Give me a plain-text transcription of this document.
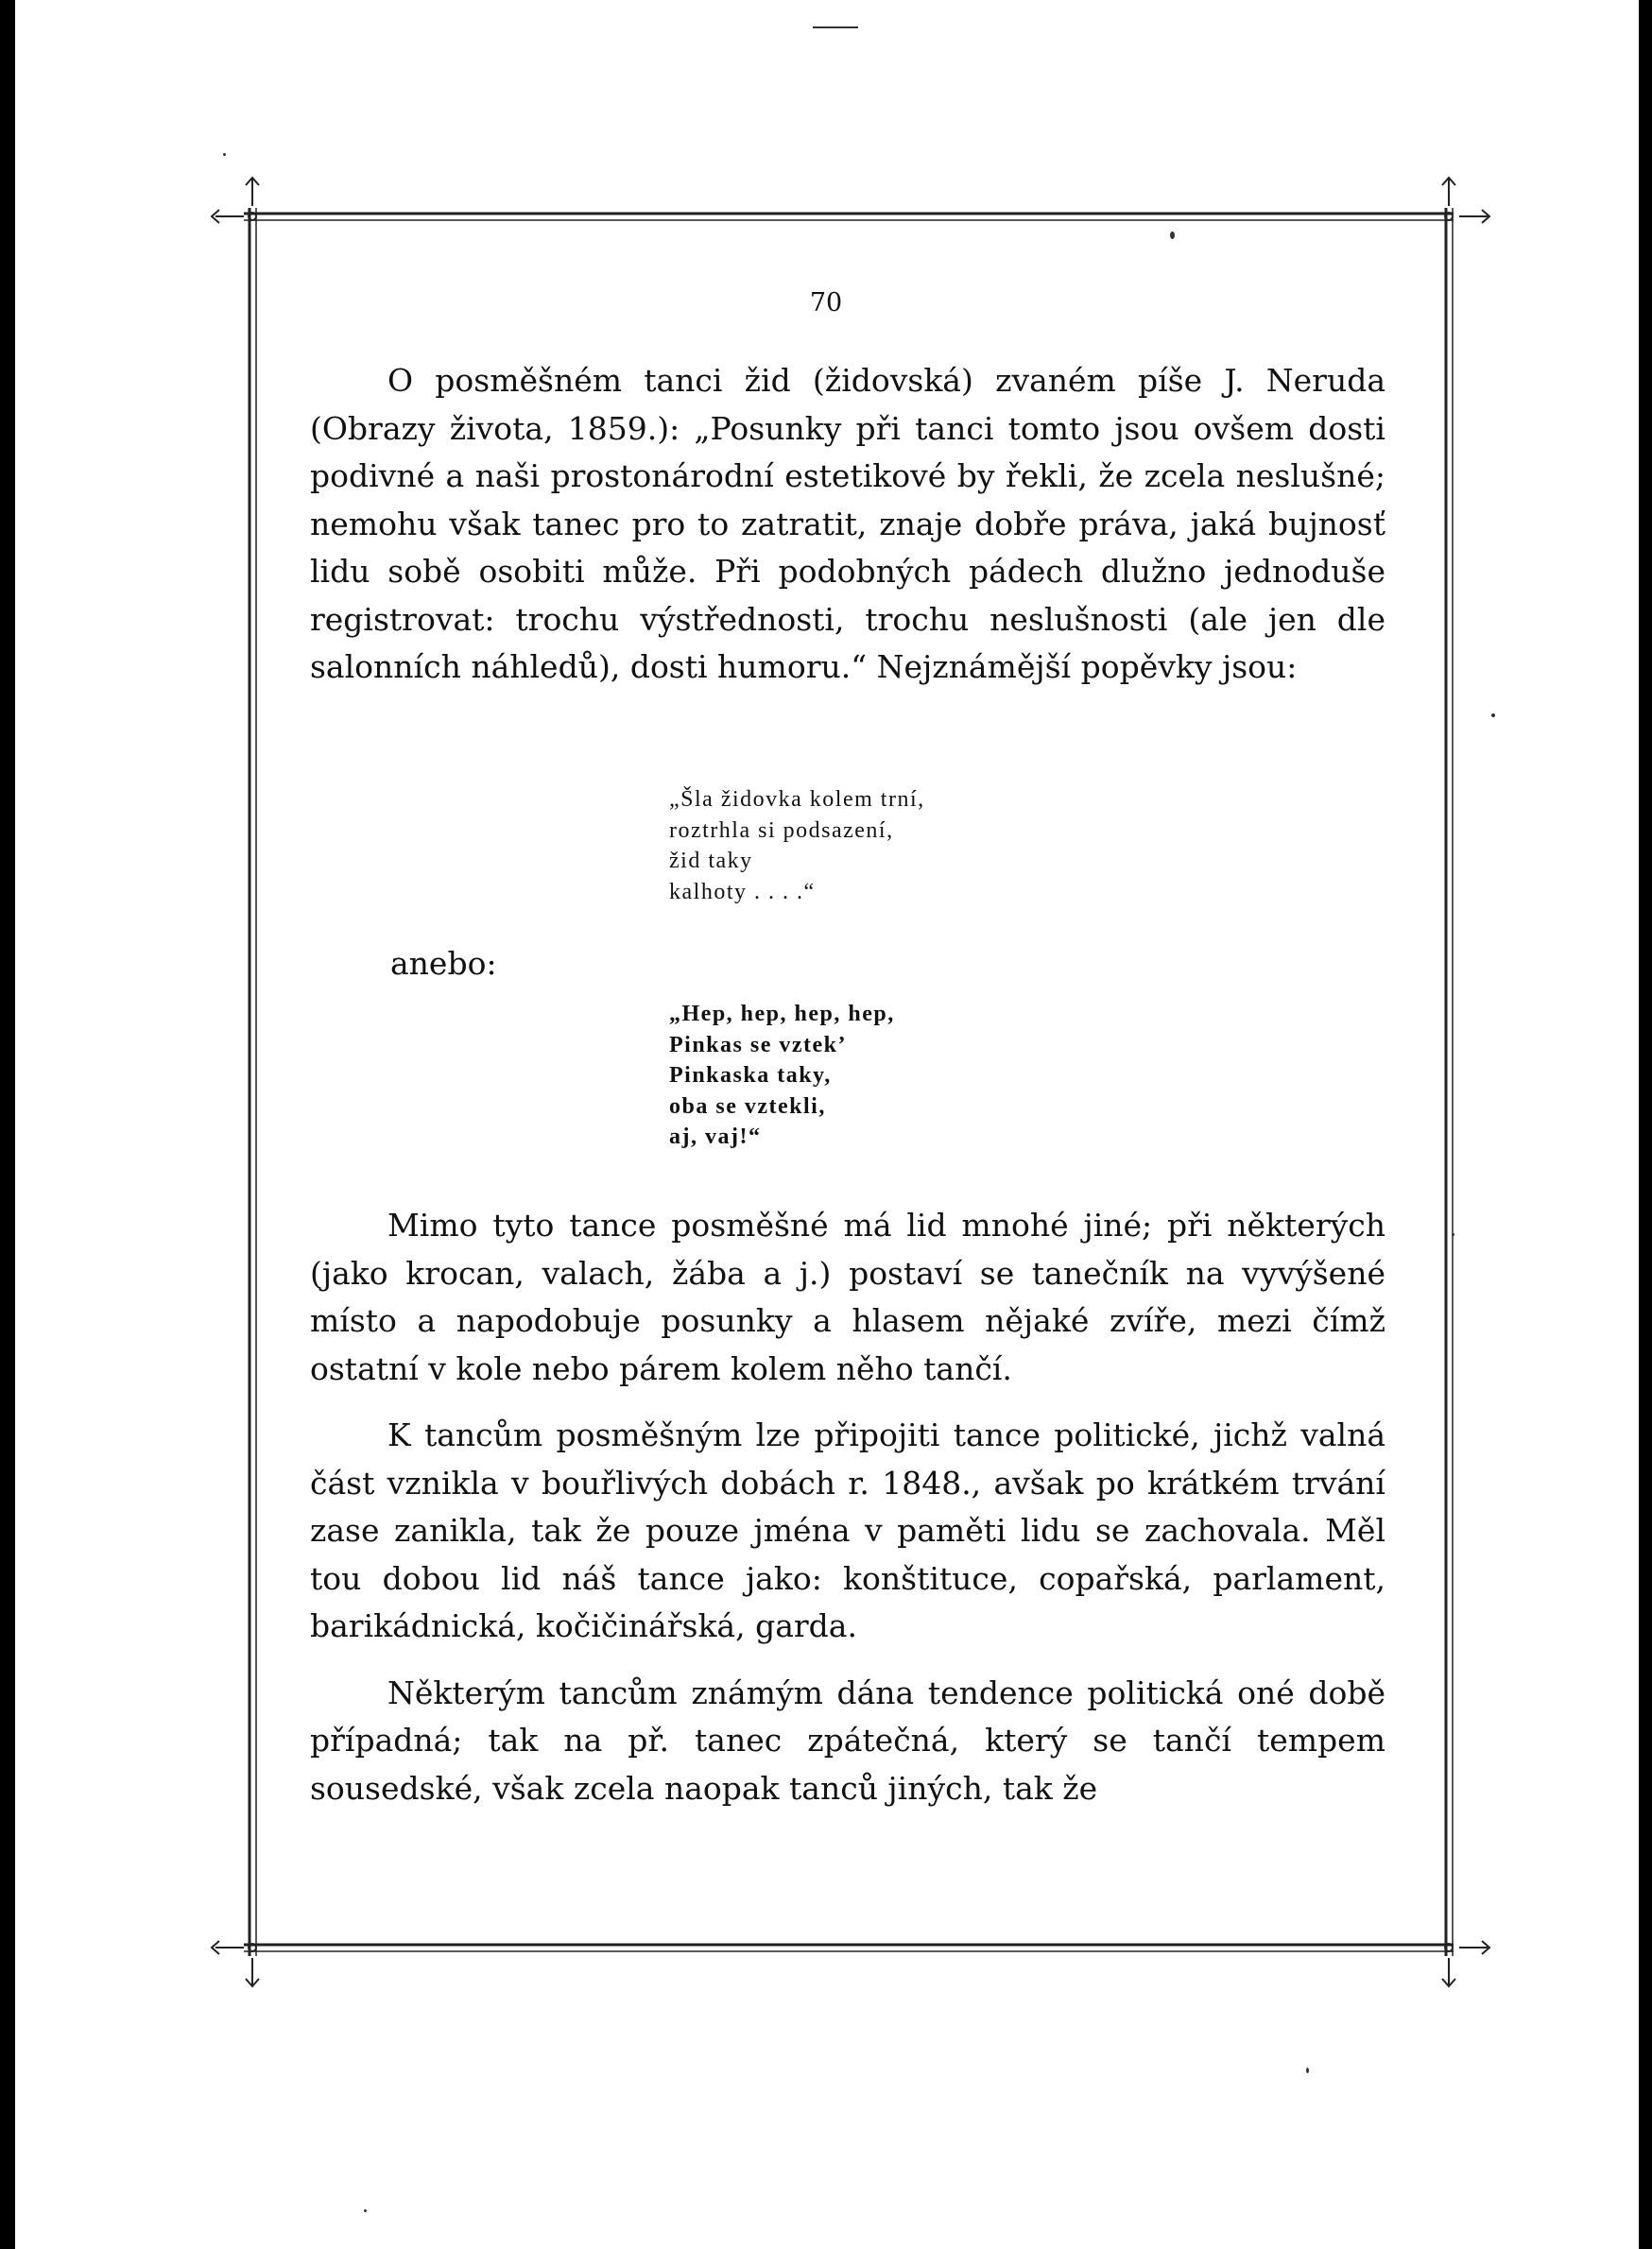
70

O posměšném tanci žid (židovská) zvaném píše J. Neruda (Obrazy života, 1859.): „Posunky při tanci tomto jsou ovšem dosti podivné a naši prostonárodní estetikové by řekli, že zcela neslušné; nemohu však tanec pro to zatratit, znaje dobře práva, jaká bujnosť lidu sobě osobiti může. Při podobných pádech dlužno jednoduše registrovat: trochu výstřednosti, trochu neslušnosti (ale jen dle salonních náhledů), dosti humoru.“ Nejznámější popěvky jsou:

„Šla židovka kolem trní,
roztrhla si podsazení,
žid taky
kalhoty . . . .“
anebo:
„Hep, hep, hep, hep,
Pinkas se vztek’
Pinkaska taky,
oba se vztekli,
aj, vaj!“

Mimo tyto tance posměšné má lid mnohé jiné; při některých (jako krocan, valach, žába a j.) postaví se tanečník na vyvýšené místo a napodobuje posunky a hlasem nějaké zvíře, mezi čímž ostatní v kole nebo párem kolem něho tančí.

K tancům posměšným lze připojiti tance politické, jichž valná část vznikla v bouřlivých dobách r. 1848., avšak po krátkém trvání zase zanikla, tak že pouze jména v paměti lidu se zachovala. Měl tou dobou lid náš tance jako: konštituce, copařská, parlament, barikádnická, kočičinářská, garda.

Některým tancům známým dána tendence politická oné době případná; tak na př. tanec zpátečná, který se tančí tempem sousedské, však zcela naopak tanců jiných, tak že
